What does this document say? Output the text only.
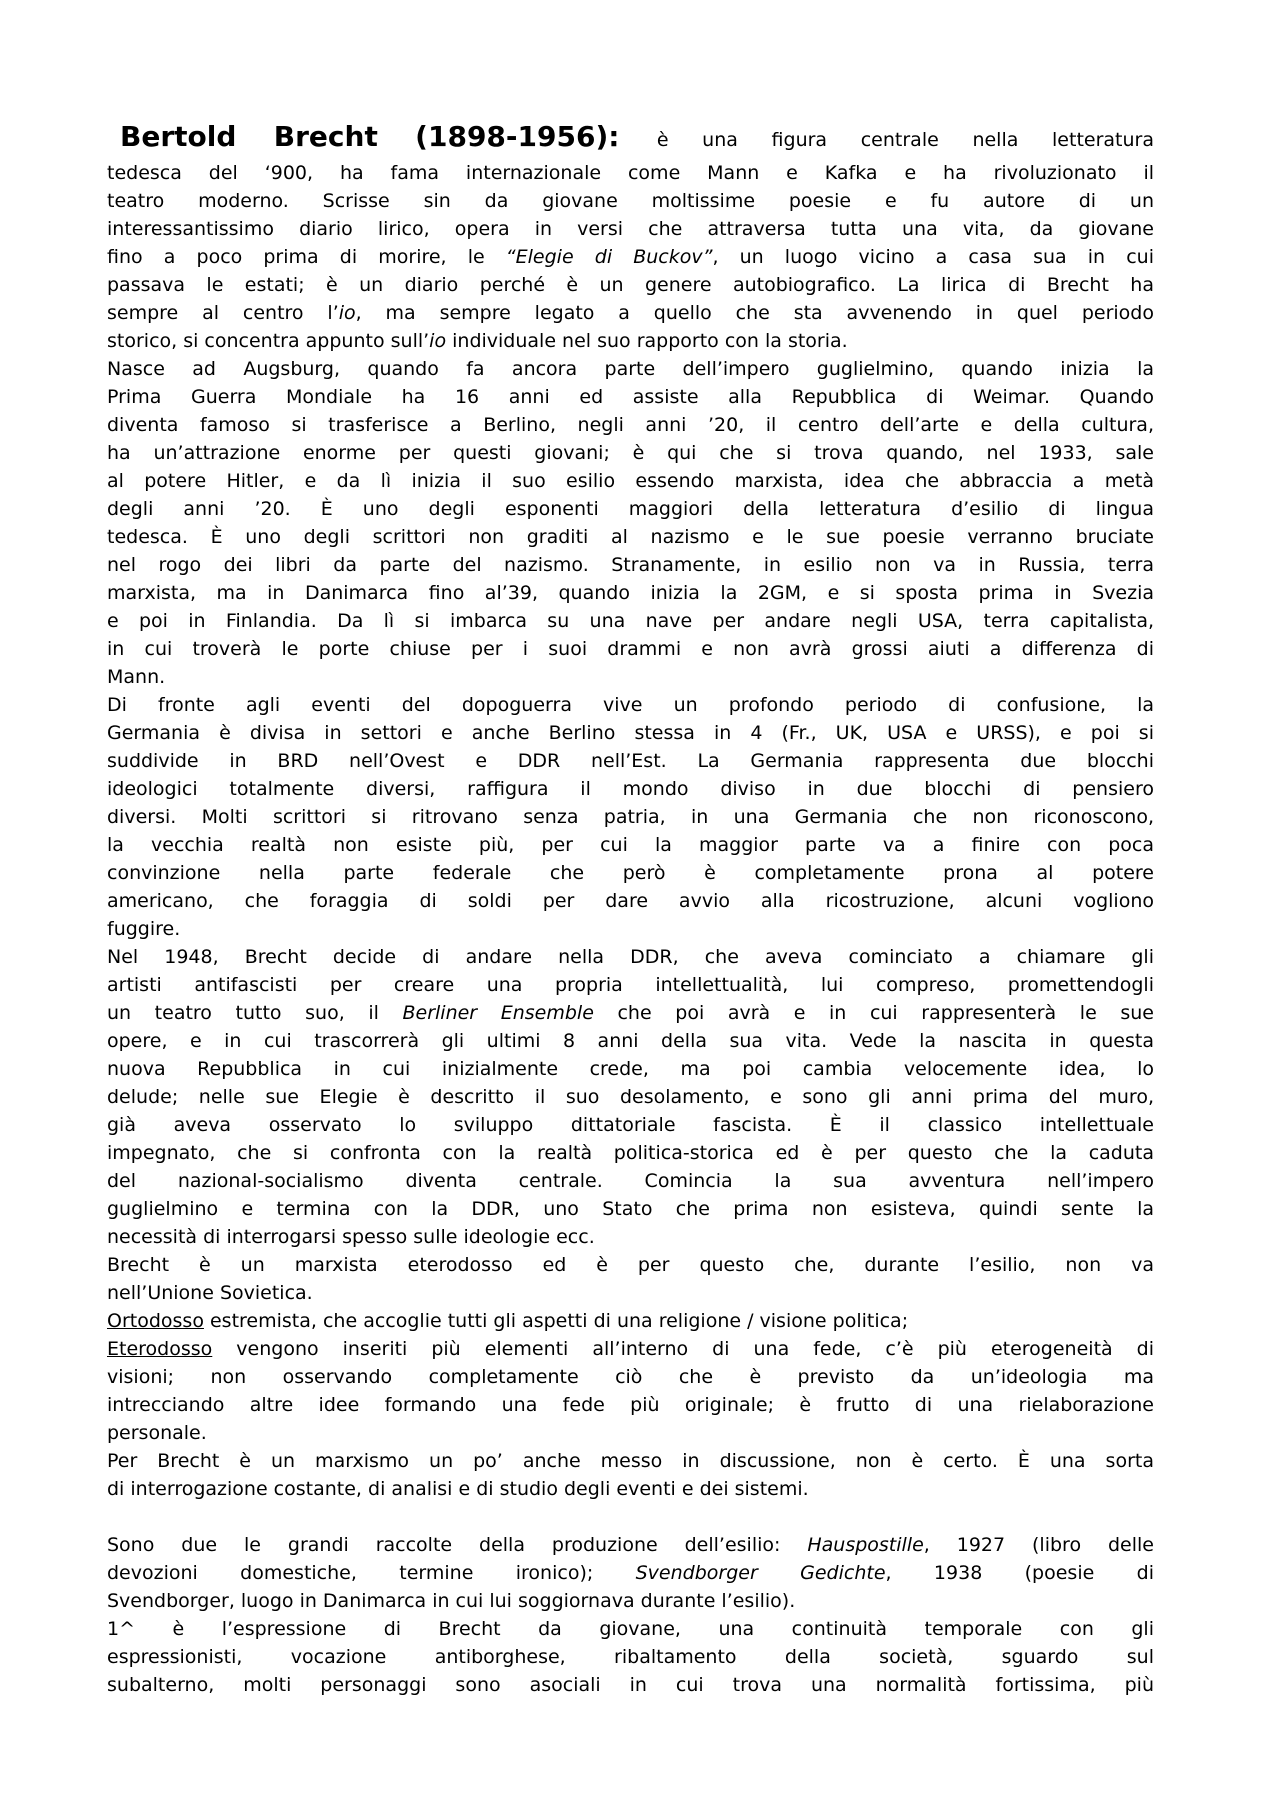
Bertold Brecht (1898-1956): è una figura centrale nella letteratura
tedesca del ‘900, ha fama internazionale come Mann e Kafka e ha rivoluzionato il
teatro moderno. Scrisse sin da giovane moltissime poesie e fu autore di un
interessantissimo diario lirico, opera in versi che attraversa tutta una vita, da giovane
fino a poco prima di morire, le “Elegie di Buckov”, un luogo vicino a casa sua in cui
passava le estati; è un diario perché è un genere autobiografico. La lirica di Brecht ha
sempre al centro l’io, ma sempre legato a quello che sta avvenendo in quel periodo
storico, si concentra appunto sull’io individuale nel suo rapporto con la storia.
Nasce ad Augsburg, quando fa ancora parte dell’impero guglielmino, quando inizia la
Prima Guerra Mondiale ha 16 anni ed assiste alla Repubblica di Weimar. Quando
diventa famoso si trasferisce a Berlino, negli anni ’20, il centro dell’arte e della cultura,
ha un’attrazione enorme per questi giovani; è qui che si trova quando, nel 1933, sale
al potere Hitler, e da lì inizia il suo esilio essendo marxista, idea che abbraccia a metà
degli anni ’20. È uno degli esponenti maggiori della letteratura d’esilio di lingua
tedesca. È uno degli scrittori non graditi al nazismo e le sue poesie verranno bruciate
nel rogo dei libri da parte del nazismo. Stranamente, in esilio non va in Russia, terra
marxista, ma in Danimarca fino al’39, quando inizia la 2GM, e si sposta prima in Svezia
e poi in Finlandia. Da lì si imbarca su una nave per andare negli USA, terra capitalista,
in cui troverà le porte chiuse per i suoi drammi e non avrà grossi aiuti a differenza di
Mann.
Di fronte agli eventi del dopoguerra vive un profondo periodo di confusione, la
Germania è divisa in settori e anche Berlino stessa in 4 (Fr., UK, USA e URSS), e poi si
suddivide in BRD nell’Ovest e DDR nell’Est. La Germania rappresenta due blocchi
ideologici totalmente diversi, raffigura il mondo diviso in due blocchi di pensiero
diversi. Molti scrittori si ritrovano senza patria, in una Germania che non riconoscono,
la vecchia realtà non esiste più, per cui la maggior parte va a finire con poca
convinzione nella parte federale che però è completamente prona al potere
americano, che foraggia di soldi per dare avvio alla ricostruzione, alcuni vogliono
fuggire.
Nel 1948, Brecht decide di andare nella DDR, che aveva cominciato a chiamare gli
artisti antifascisti per creare una propria intellettualità, lui compreso, promettendogli
un teatro tutto suo, il Berliner Ensemble che poi avrà e in cui rappresenterà le sue
opere, e in cui trascorrerà gli ultimi 8 anni della sua vita. Vede la nascita in questa
nuova Repubblica in cui inizialmente crede, ma poi cambia velocemente idea, lo
delude; nelle sue Elegie è descritto il suo desolamento, e sono gli anni prima del muro,
già aveva osservato lo sviluppo dittatoriale fascista. È il classico intellettuale
impegnato, che si confronta con la realtà politica-storica ed è per questo che la caduta
del nazional-socialismo diventa centrale. Comincia la sua avventura nell’impero
guglielmino e termina con la DDR, uno Stato che prima non esisteva, quindi sente la
necessità di interrogarsi spesso sulle ideologie ecc.
Brecht è un marxista eterodosso ed è per questo che, durante l’esilio, non va
nell’Unione Sovietica.
Ortodosso estremista, che accoglie tutti gli aspetti di una religione / visione politica;
Eterodosso vengono inseriti più elementi all’interno di una fede, c’è più eterogeneità di
visioni; non osservando completamente ciò che è previsto da un’ideologia ma
intrecciando altre idee formando una fede più originale; è frutto di una rielaborazione
personale.
Per Brecht è un marxismo un po’ anche messo in discussione, non è certo. È una sorta
di interrogazione costante, di analisi e di studio degli eventi e dei sistemi.
Sono due le grandi raccolte della produzione dell’esilio: Hauspostille, 1927 (libro delle
devozioni domestiche, termine ironico); Svendborger Gedichte, 1938 (poesie di
Svendborger, luogo in Danimarca in cui lui soggiornava durante l’esilio).
1^ è l’espressione di Brecht da giovane, una continuità temporale con gli
espressionisti, vocazione antiborghese, ribaltamento della società, sguardo sul
subalterno, molti personaggi sono asociali in cui trova una normalità fortissima, più
